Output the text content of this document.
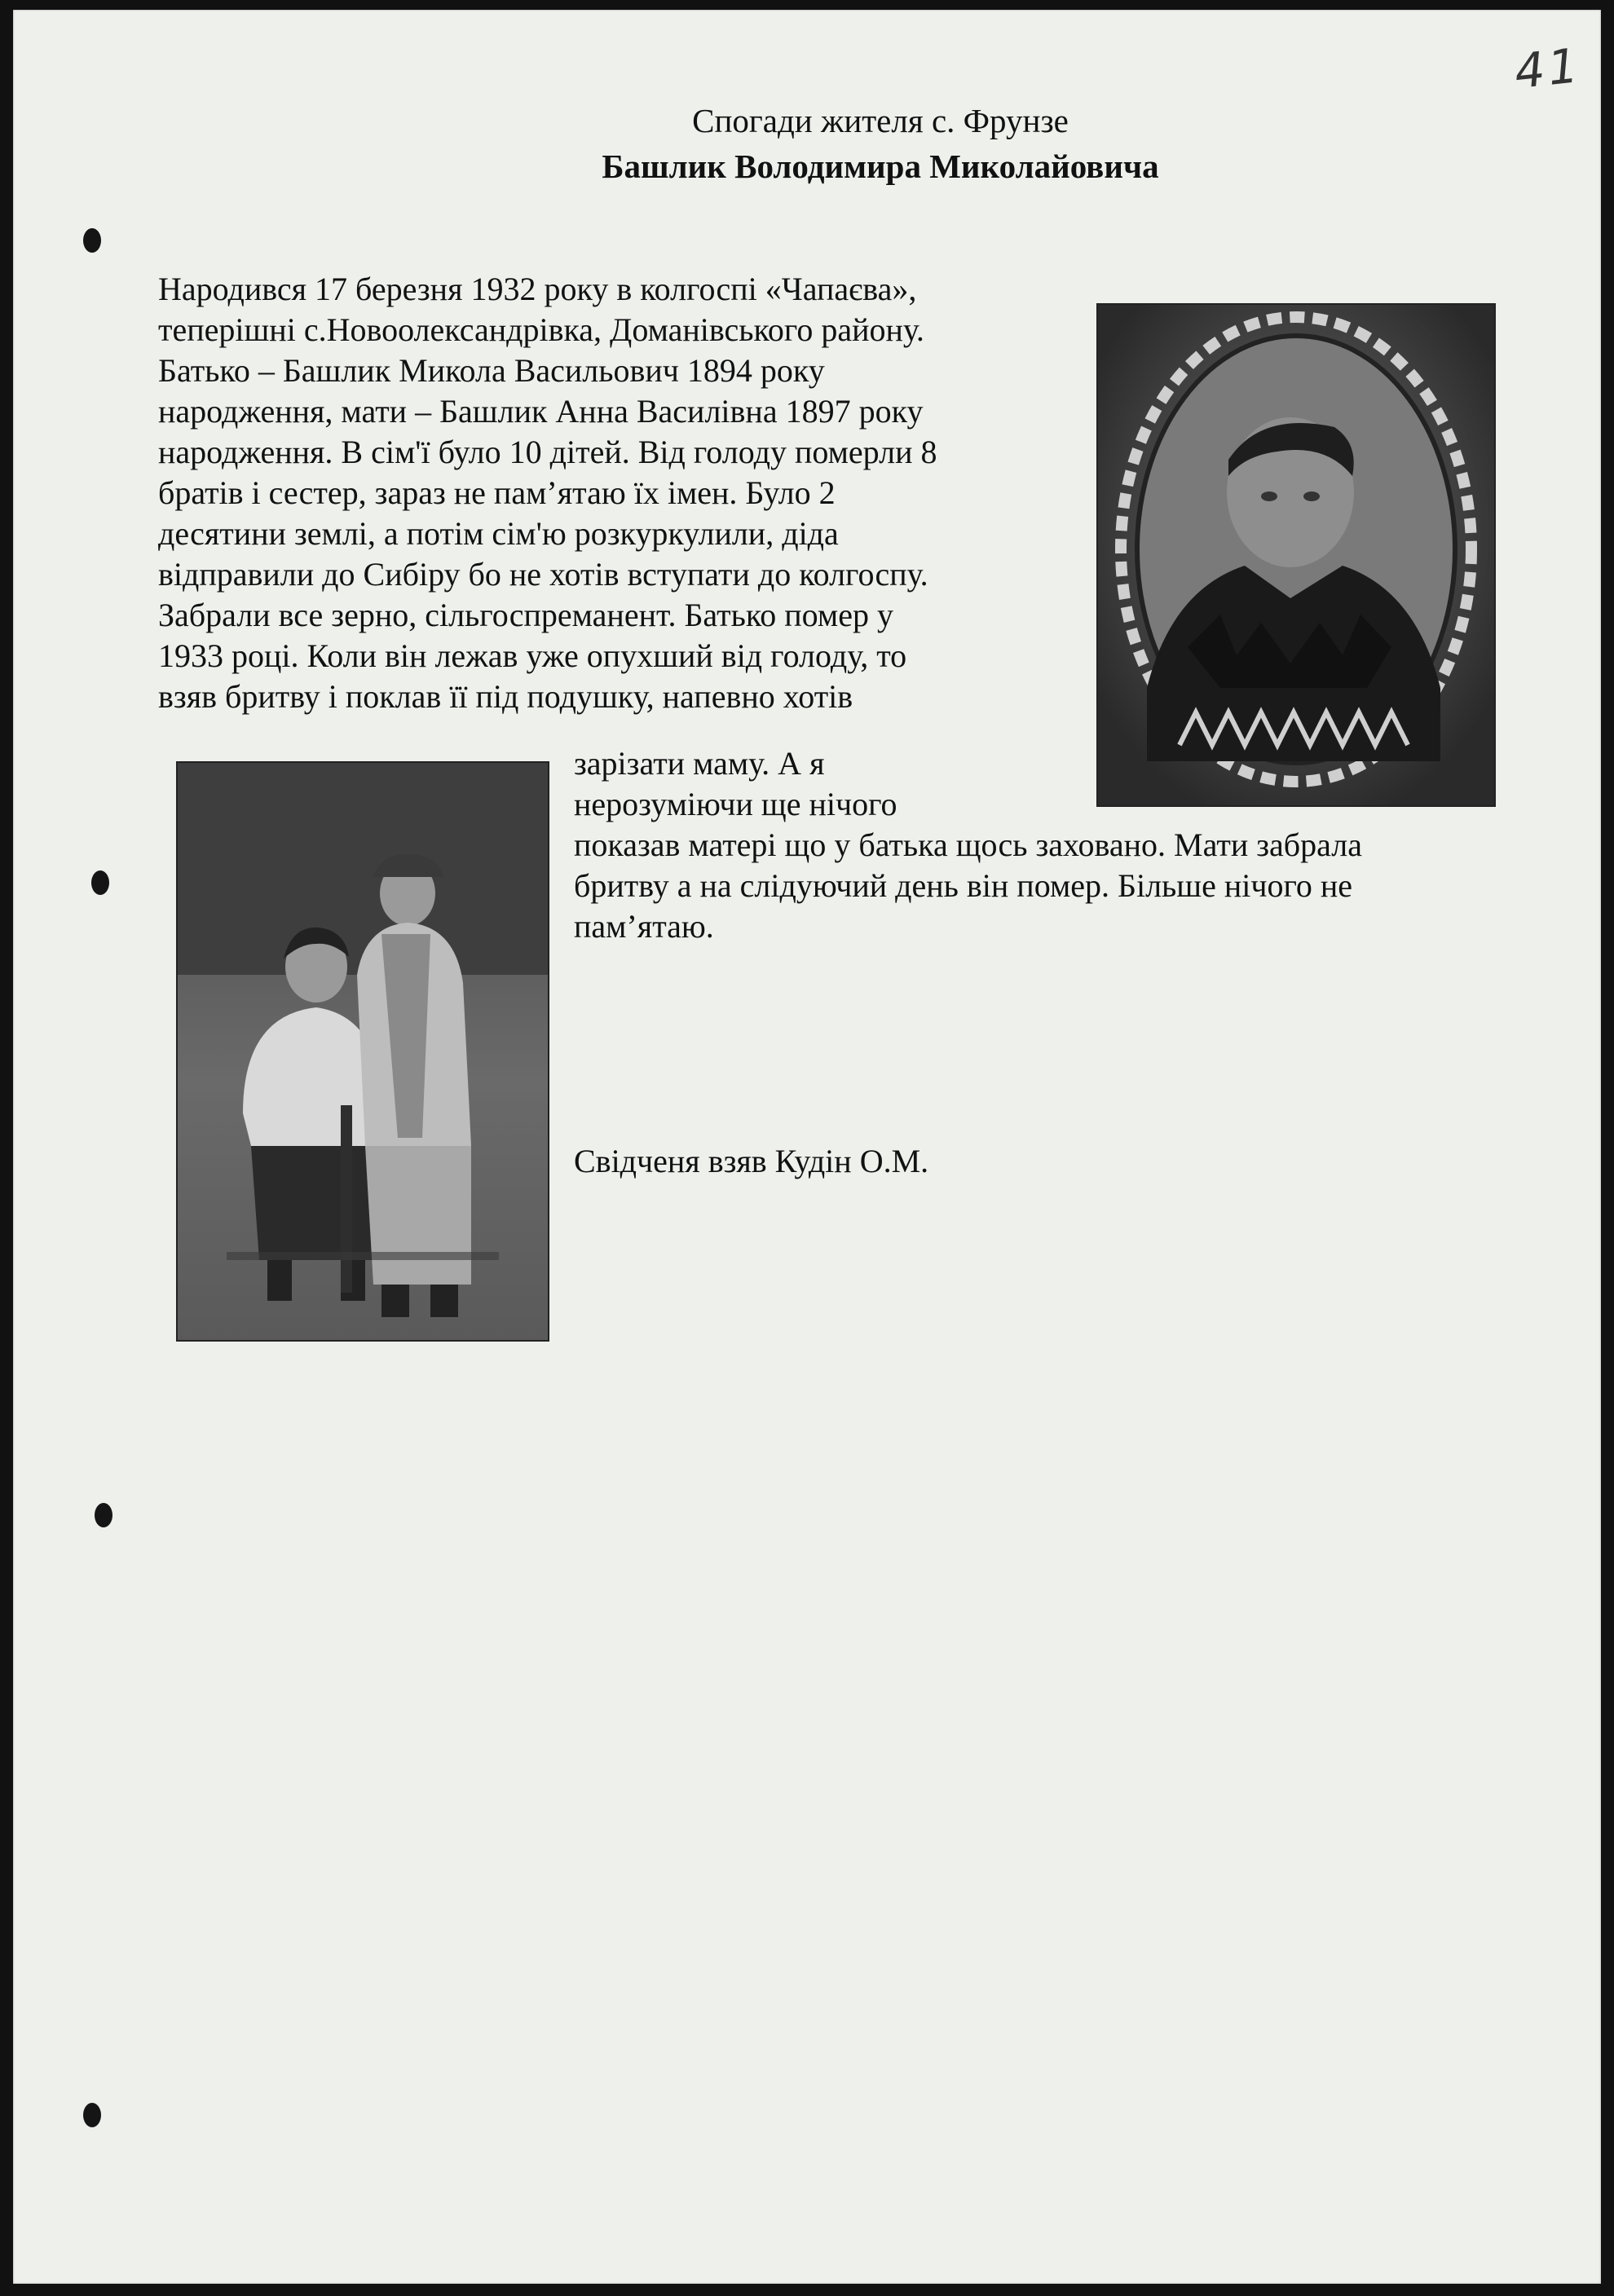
41
Спогади жителя с. Фрунзе
Башлик Володимира Миколайовича
Народився 17 березня 1932 року в колгоспі «Чапаєва»,
теперішні с.Новоолександрівка, Доманівського району.
Батько – Башлик Микола Васильович 1894 року
народження, мати – Башлик Анна Василівна 1897 року
народження. В сім'ї було 10 дітей. Від голоду померли 8
братів і сестер, зараз не пам’ятаю їх імен. Було 2
десятини землі, а потім сім'ю розкуркулили, діда
відправили до Сибіру бо не хотів вступати до колгоспу.
Забрали все зерно, сільгоспреманент. Батько помер у
1933 році. Коли він лежав уже опухший від голоду, то
взяв бритву і поклав її під подушку, напевно хотів
зарізати маму. А я
нерозуміючи ще нічого
показав матері що у батька щось заховано. Мати забрала
бритву а на слідуючий день він помер. Більше нічого не
пам’ятаю.
Свідченя взяв Кудін О.М.
